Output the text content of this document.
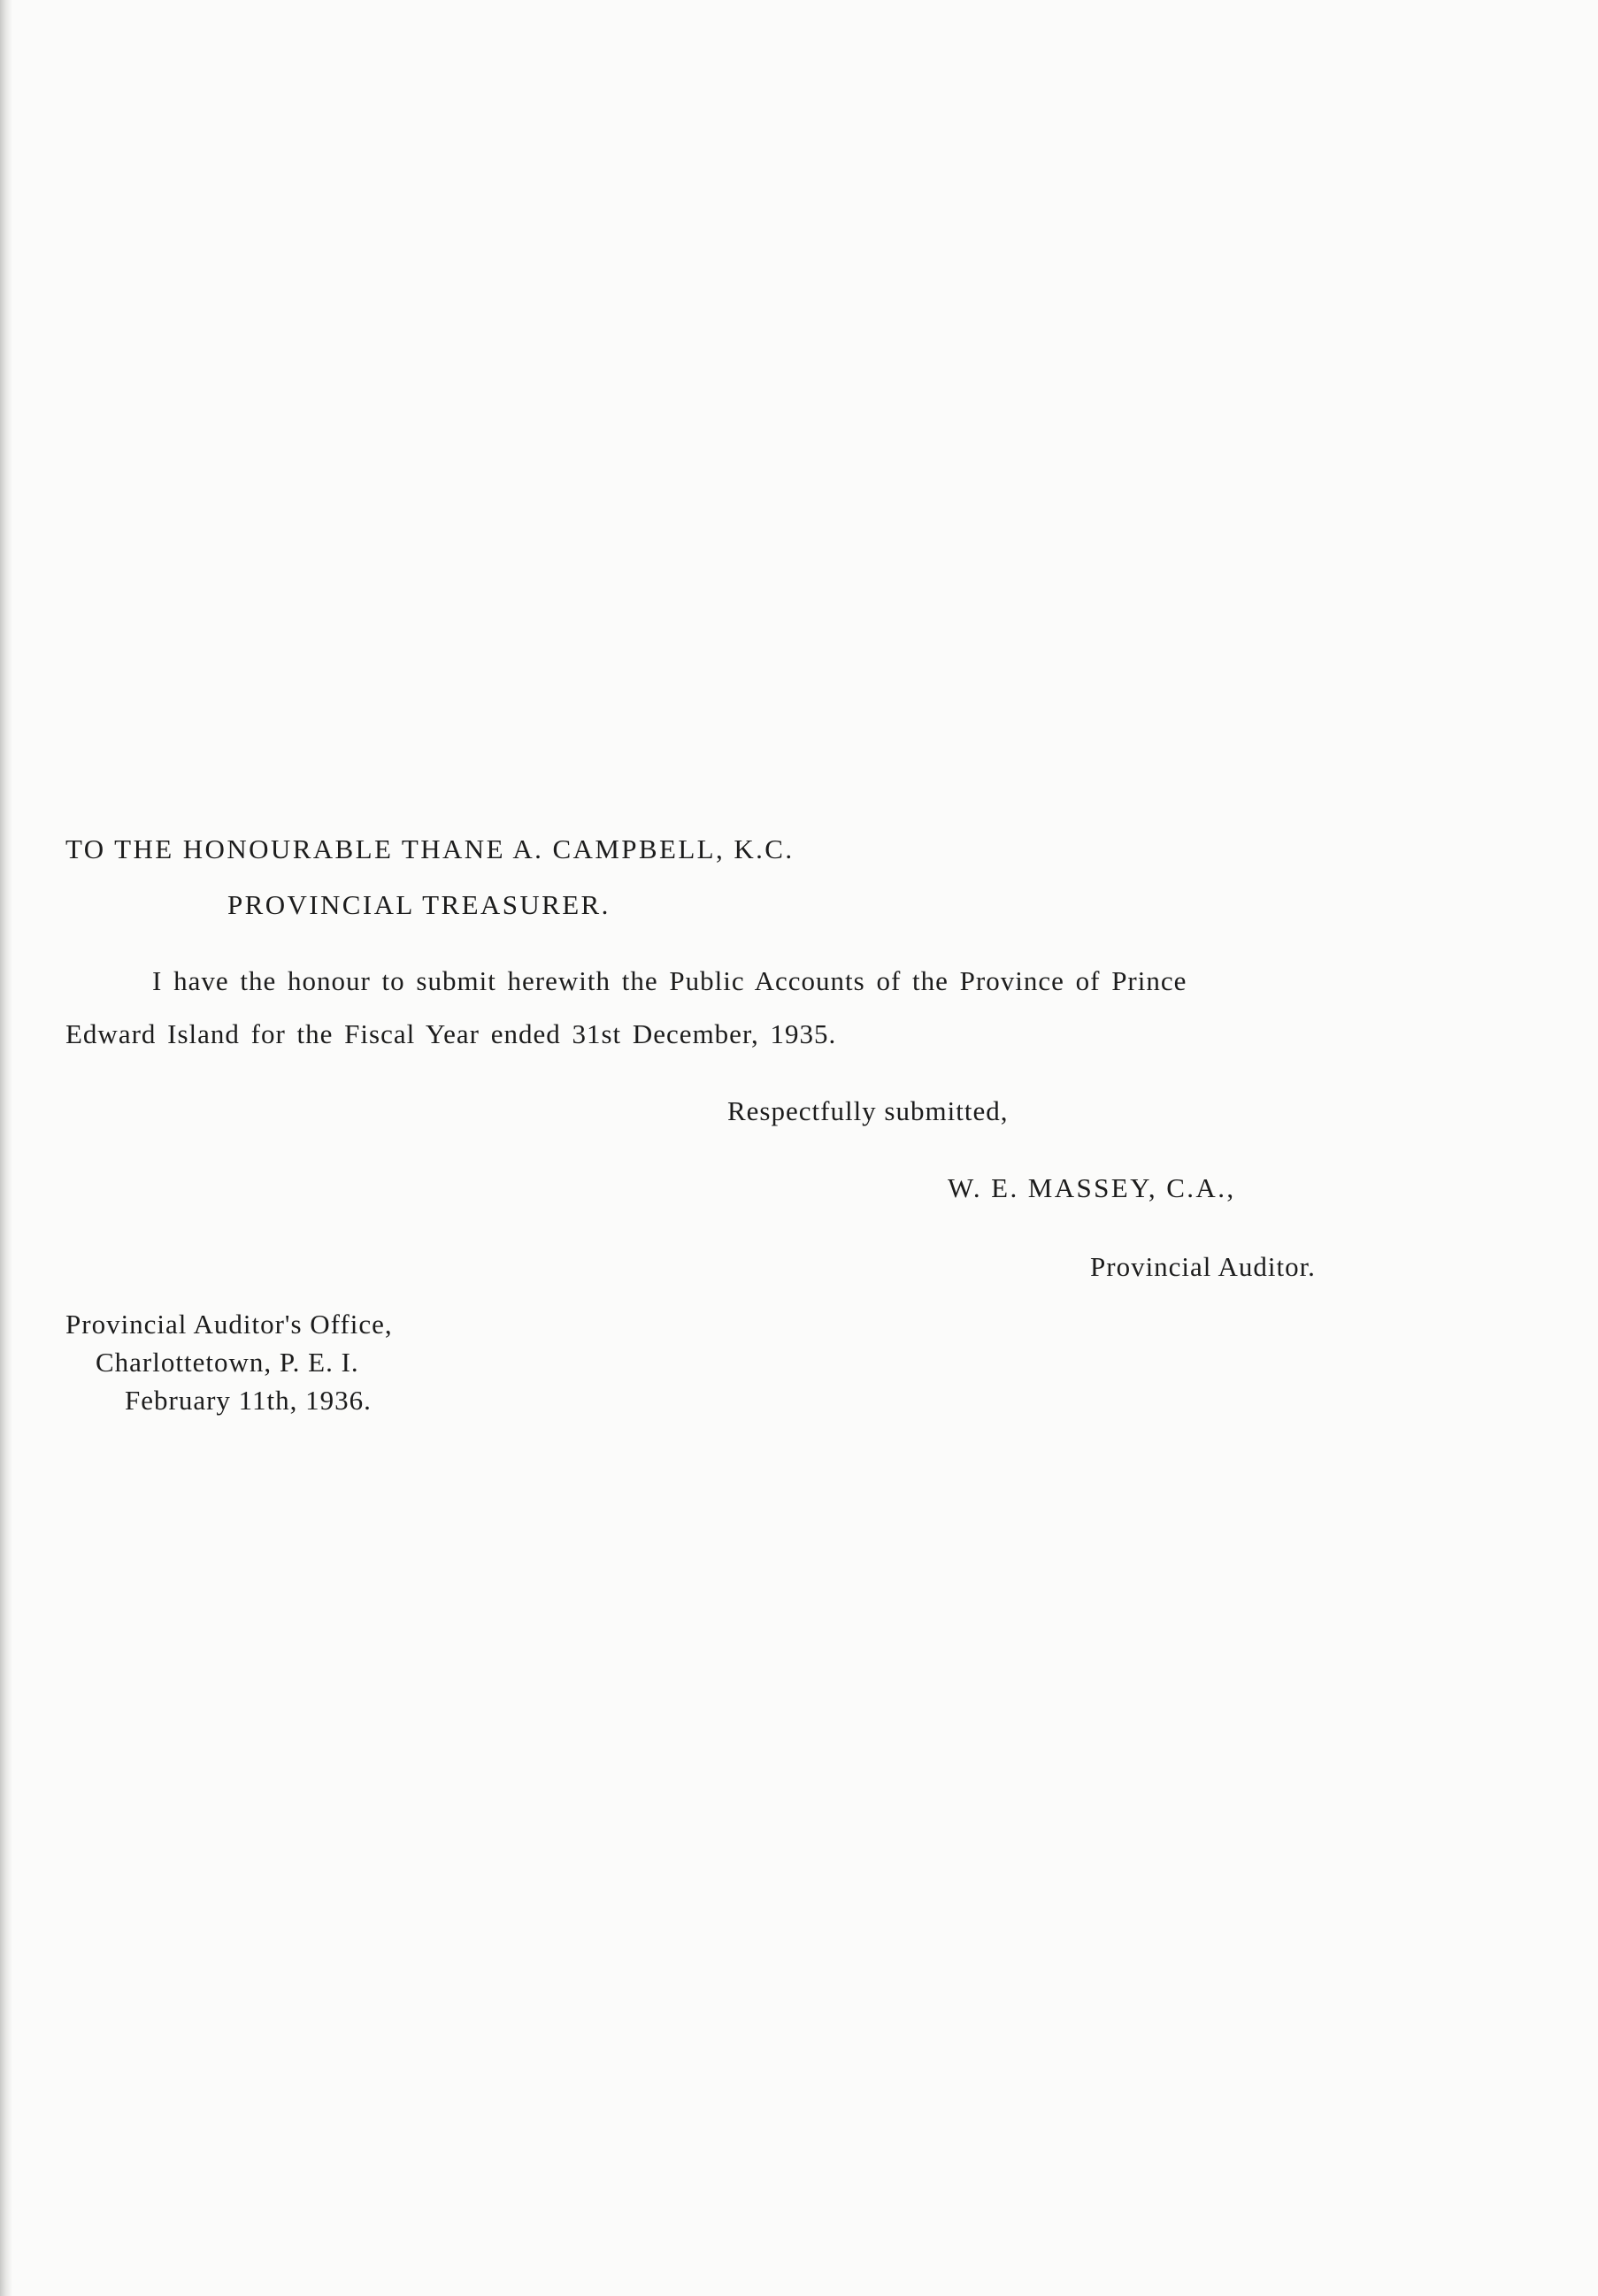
TO THE HONOURABLE THANE A. CAMPBELL, K.C.
PROVINCIAL TREASURER.
I have the honour to submit herewith the Public Accounts of the Province of Prince
Edward Island for the Fiscal Year ended 31st December, 1935.
Respectfully submitted,
W. E. MASSEY, C.A.,
Provincial Auditor.
Provincial Auditor's Office,
Charlottetown, P. E. I.
February 11th, 1936.
